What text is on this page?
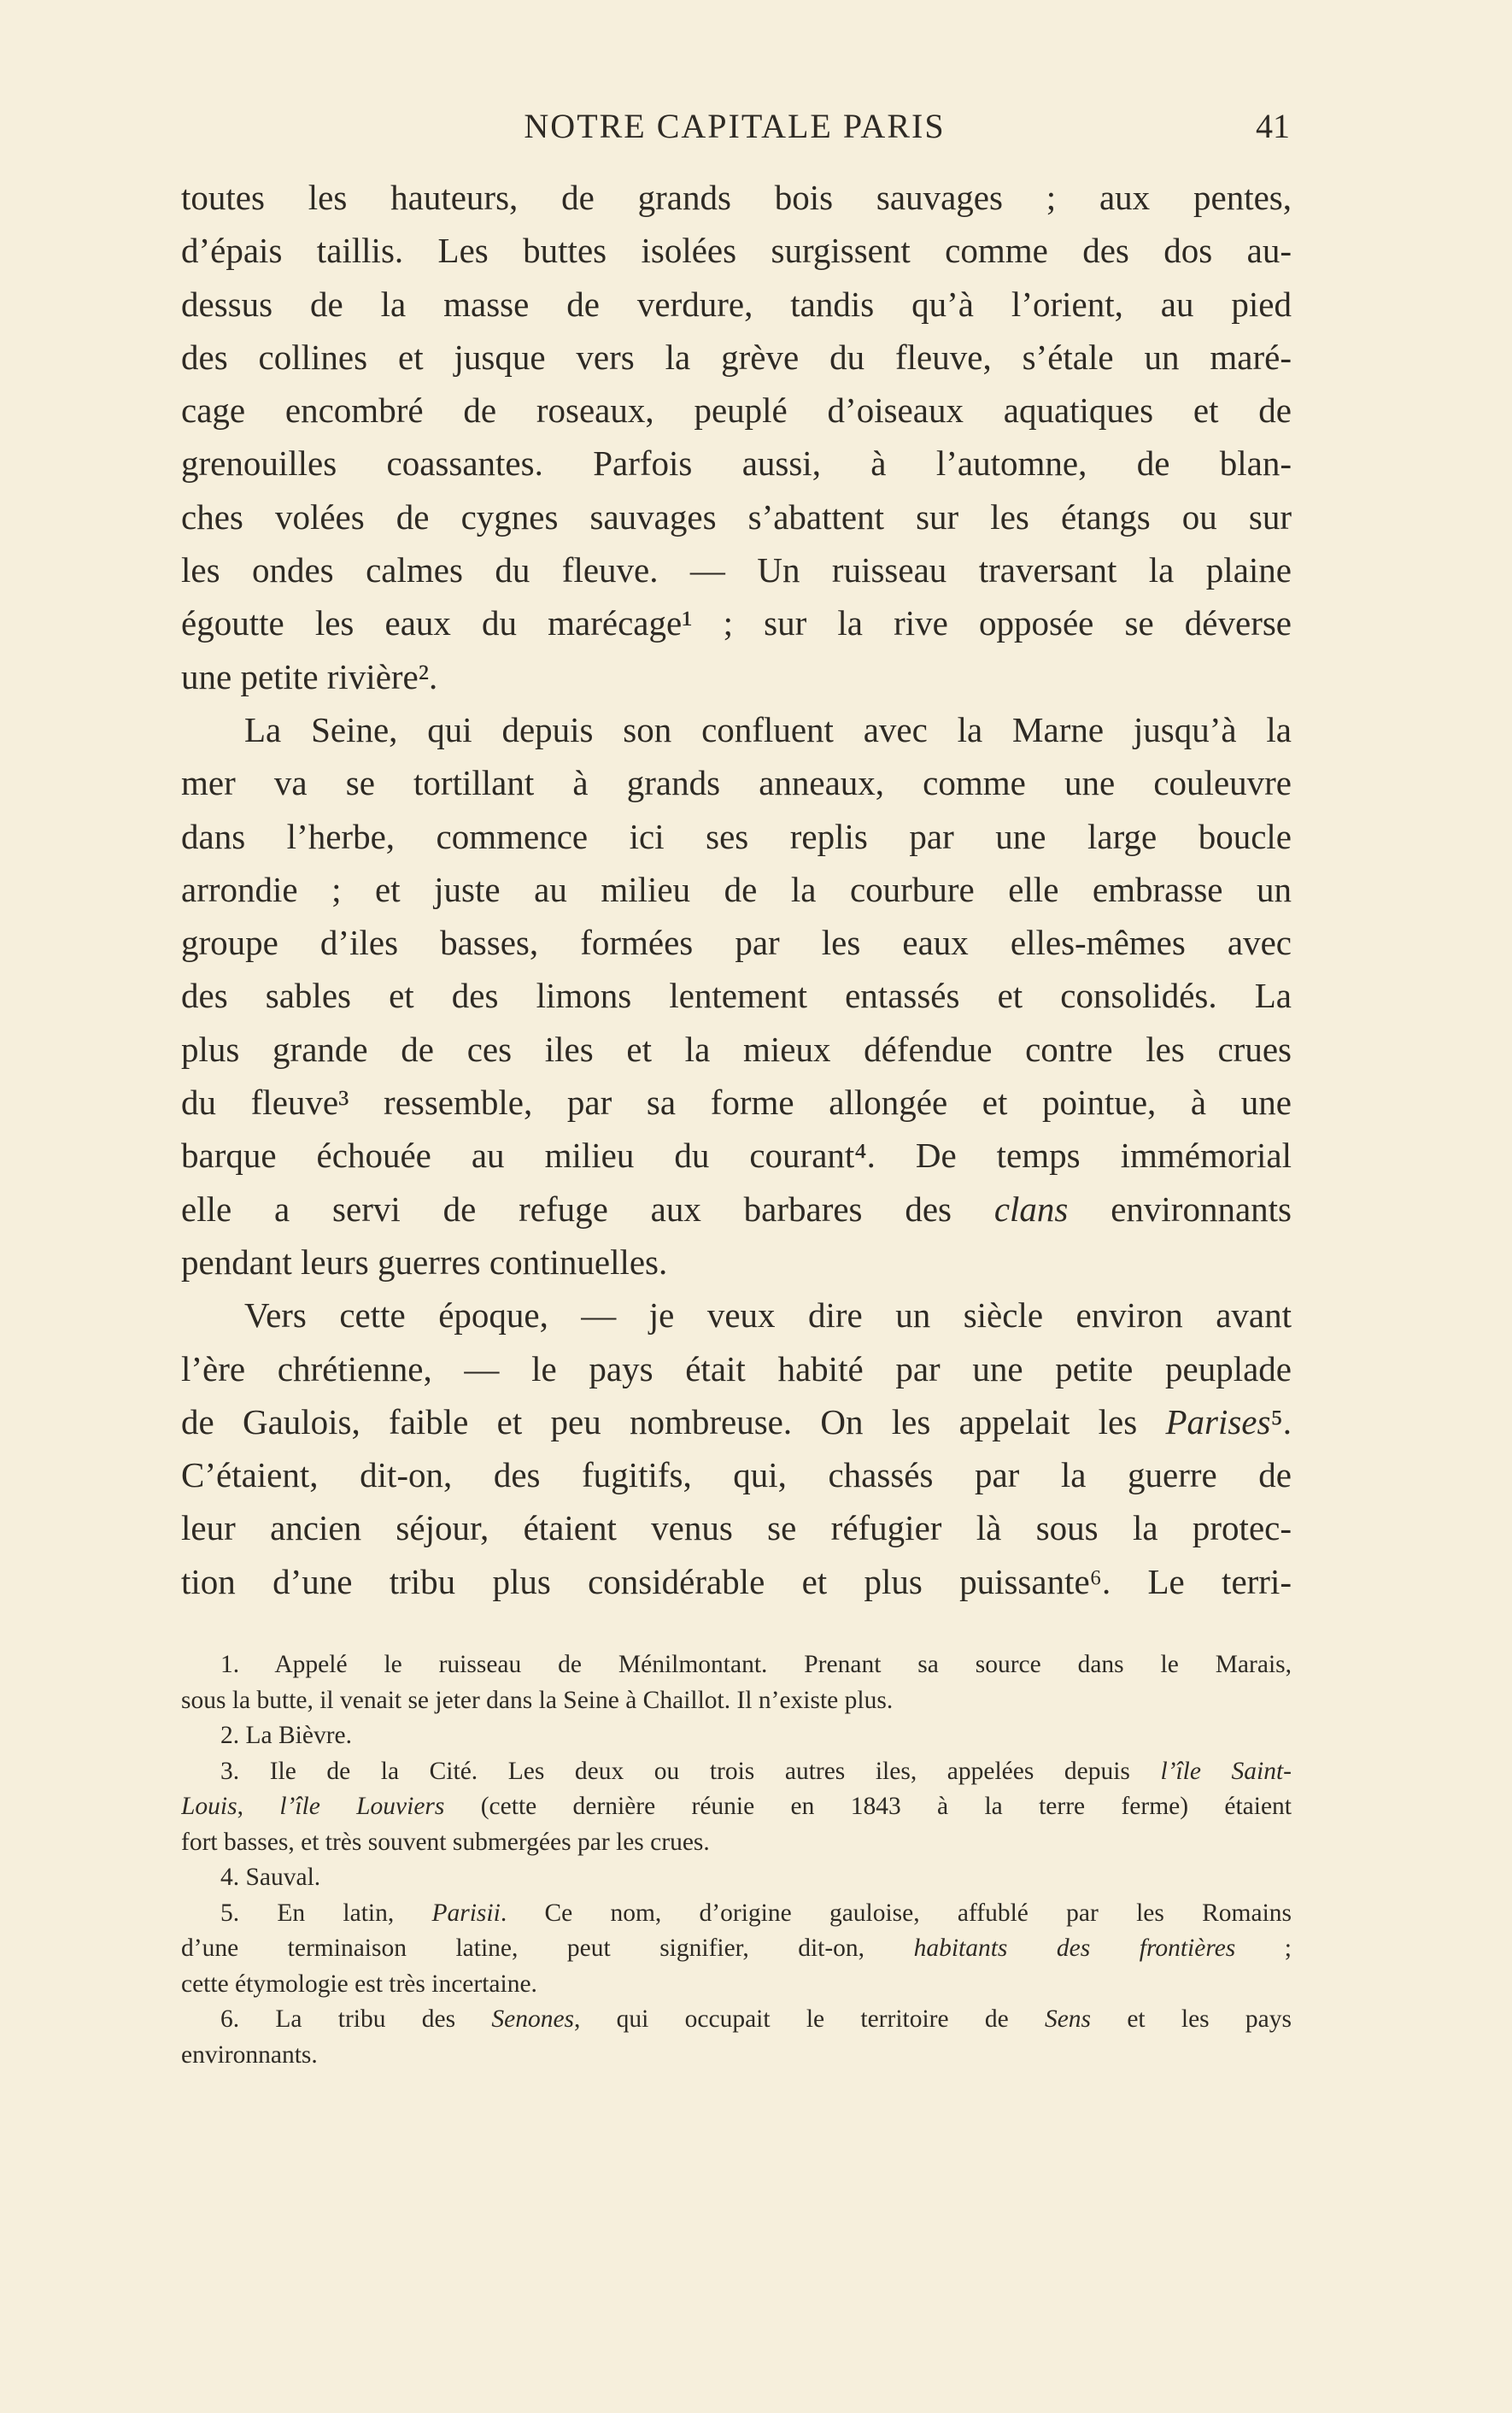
NOTRE CAPITALE PARIS	41
toutes les hauteurs, de grands bois sauvages ; aux pentes,
d’épais taillis. Les buttes isolées surgissent comme des dos au-
dessus de la masse de verdure, tandis qu’à l’orient, au pied
des collines et jusque vers la grève du fleuve, s’étale un maré-
cage encombré de roseaux, peuplé d’oiseaux aquatiques et de
grenouilles coassantes. Parfois aussi, à l’automne, de blan-
ches volées de cygnes sauvages s’abattent sur les étangs ou sur
les ondes calmes du fleuve. — Un ruisseau traversant la plaine
égoutte les eaux du marécage¹ ; sur la rive opposée se déverse
une petite rivière².
La Seine, qui depuis son confluent avec la Marne jusqu’à la
mer va se tortillant à grands anneaux, comme une couleuvre
dans l’herbe, commence ici ses replis par une large boucle
arrondie ; et juste au milieu de la courbure elle embrasse un
groupe d’iles basses, formées par les eaux elles-mêmes avec
des sables et des limons lentement entassés et consolidés. La
plus grande de ces iles et la mieux défendue contre les crues
du fleuve³ ressemble, par sa forme allongée et pointue, à une
barque échouée au milieu du courant⁴. De temps immémorial
elle a servi de refuge aux barbares des clans environnants
pendant leurs guerres continuelles.
Vers cette époque, — je veux dire un siècle environ avant
l’ère chrétienne, — le pays était habité par une petite peuplade
de Gaulois, faible et peu nombreuse. On les appelait les Parises⁵.
C’étaient, dit-on, des fugitifs, qui, chassés par la guerre de
leur ancien séjour, étaient venus se réfugier là sous la protec-
tion d’une tribu plus considérable et plus puissante⁶. Le terri-
1. Appelé le ruisseau de Ménilmontant. Prenant sa source dans le Marais,
sous la butte, il venait se jeter dans la Seine à Chaillot. Il n’existe plus.
2. La Bièvre.
3. Ile de la Cité. Les deux ou trois autres iles, appelées depuis l’île Saint-
Louis, l’île Louviers (cette dernière réunie en 1843 à la terre ferme) étaient
fort basses, et très souvent submergées par les crues.
4. Sauval.
5. En latin, Parisii. Ce nom, d’origine gauloise, affublé par les Romains
d’une terminaison latine, peut signifier, dit-on, habitants des frontières ;
cette étymologie est très incertaine.
6. La tribu des Senones, qui occupait le territoire de Sens et les pays
environnants.
